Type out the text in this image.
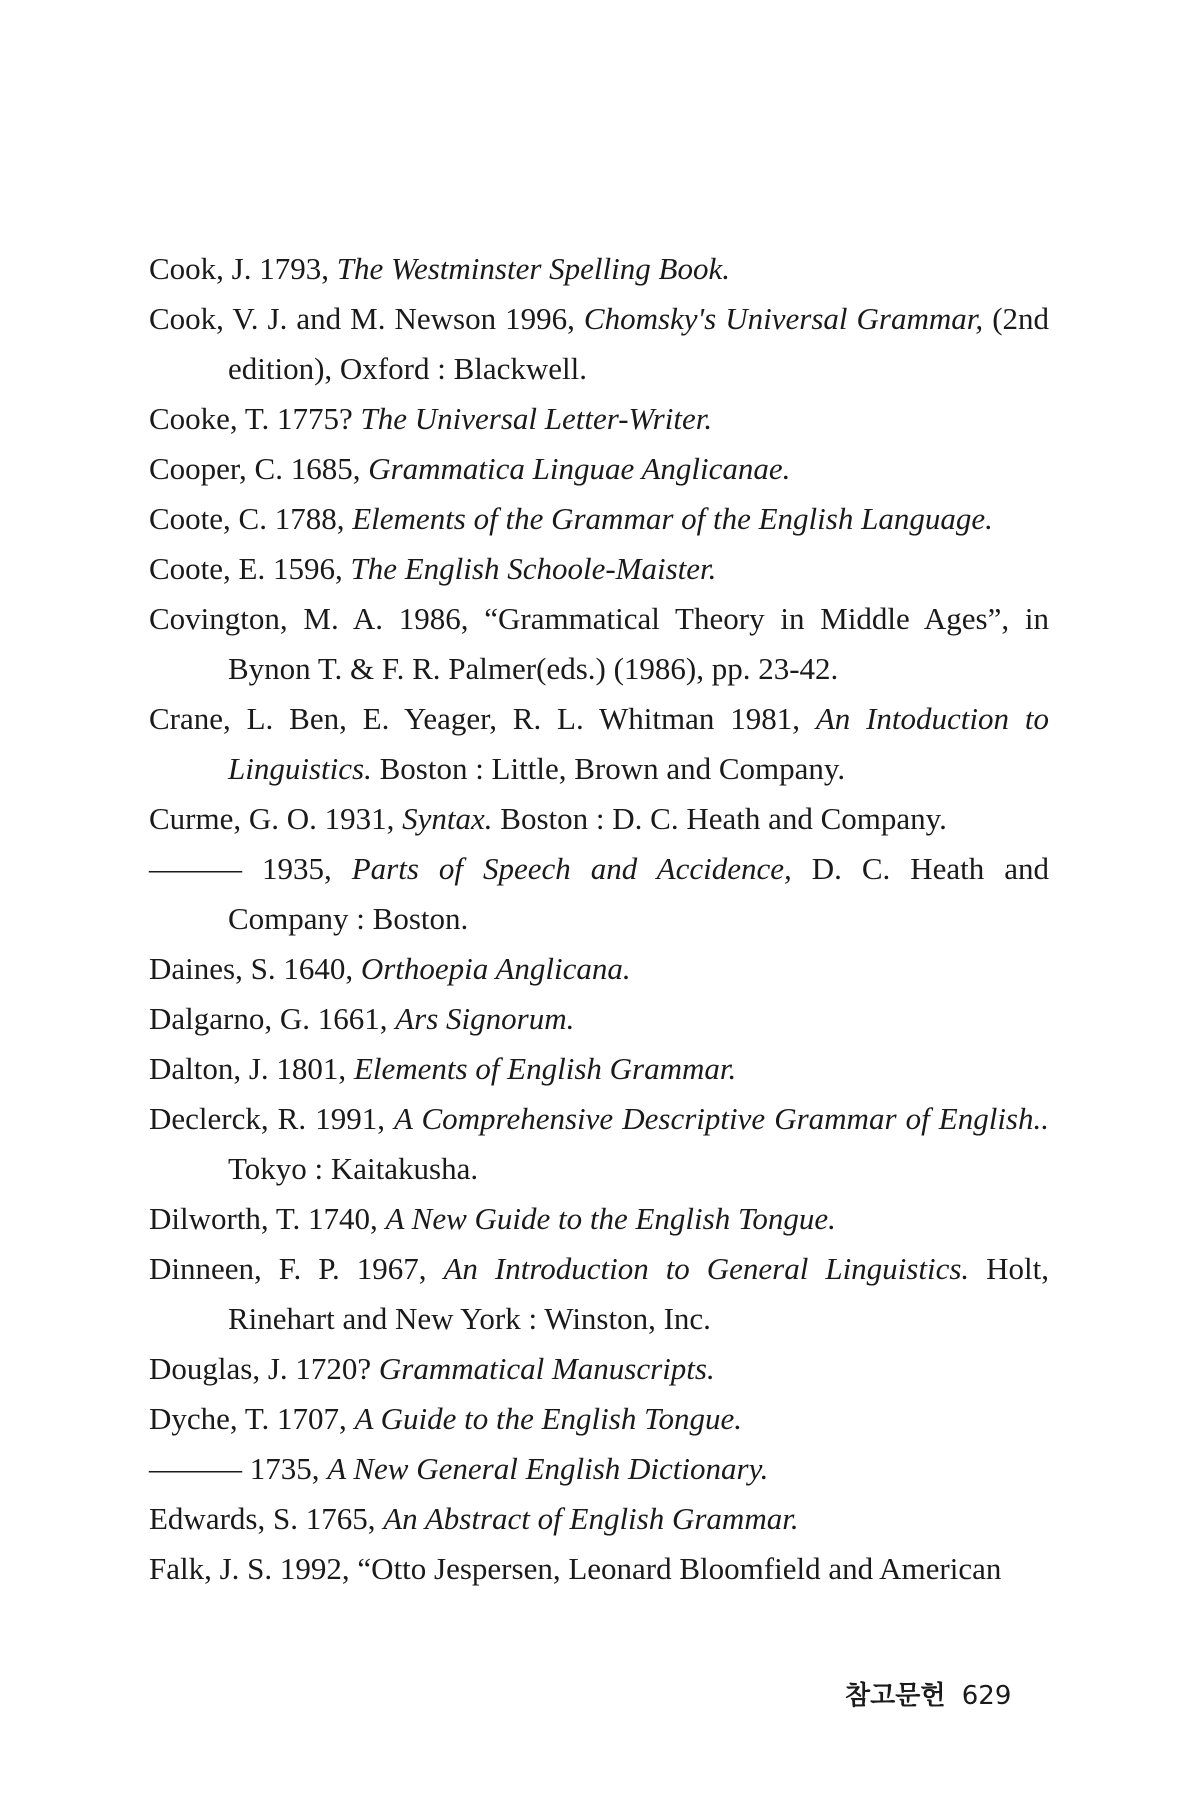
Cook, J. 1793, The Westminster Spelling Book.

Cook, V. J. and M. Newson 1996, Chomsky's Universal Grammar, (2nd edition), Oxford : Blackwell.

Cooke, T. 1775? The Universal Letter-Writer.

Cooper, C. 1685, Grammatica Linguae Anglicanae.

Coote, C. 1788, Elements of the Grammar of the English Language.

Coote, E. 1596, The English Schoole-Maister.

Covington, M. A. 1986, “Grammatical Theory in Middle Ages”, in Bynon T. & F. R. Palmer(eds.) (1986), pp. 23-42.

Crane, L. Ben, E. Yeager, R. L. Whitman 1981, An Intoduction to Linguistics. Boston : Little, Brown and Company.

Curme, G. O. 1931, Syntax. Boston : D. C. Heath and Company.

——— 1935, Parts of Speech and Accidence, D. C. Heath and Company : Boston.

Daines, S. 1640, Orthoepia Anglicana.

Dalgarno, G. 1661, Ars Signorum.

Dalton, J. 1801, Elements of English Grammar.

Declerck, R. 1991, A Comprehensive Descriptive Grammar of English.. Tokyo : Kaitakusha.

Dilworth, T. 1740, A New Guide to the English Tongue.

Dinneen, F. P. 1967, An Introduction to General Linguistics. Holt, Rinehart and New York : Winston, Inc.

Douglas, J. 1720? Grammatical Manuscripts.

Dyche, T. 1707, A Guide to the English Tongue.

——— 1735, A New General English Dictionary.

Edwards, S. 1765, An Abstract of English Grammar.

Falk, J. S. 1992, “Otto Jespersen, Leonard Bloomfield and American

참고문헌 629
